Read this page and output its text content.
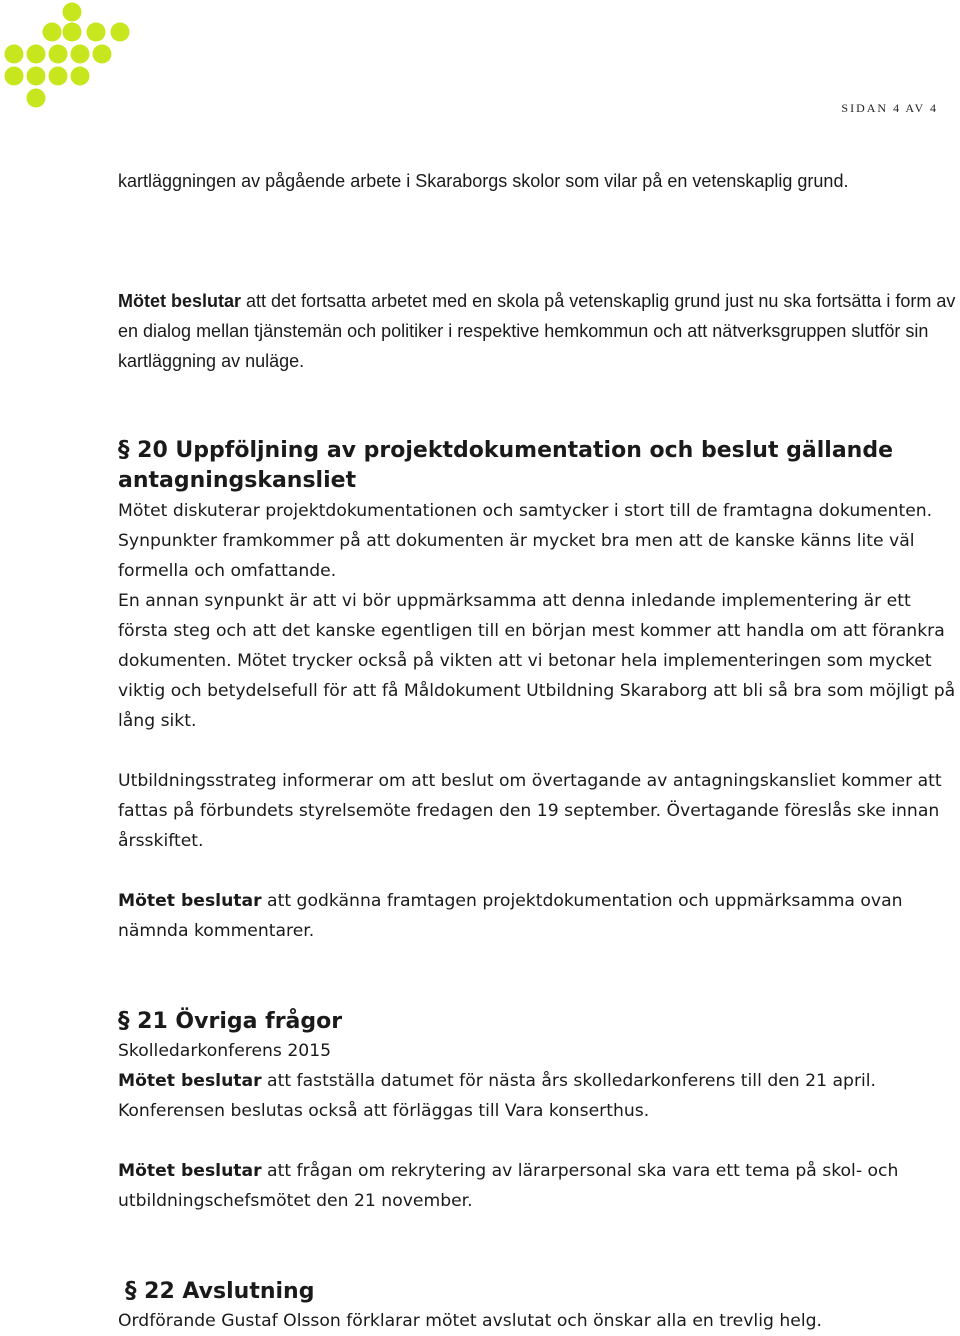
SIDAN 4 AV 4

kartläggningen av pågående arbete i Skaraborgs skolor som vilar på en vetenskaplig grund.

Mötet beslutar att det fortsatta arbetet med en skola på vetenskaplig grund just nu ska fortsätta i form av en dialog mellan tjänstemän och politiker i respektive hemkommun och att nätverksgruppen slutför sin kartläggning av nuläge.

§ 20 Uppföljning av projektdokumentation och beslut gällande antagningskansliet

Mötet diskuterar projektdokumentationen och samtycker i stort till de framtagna dokumenten. Synpunkter framkommer på att dokumenten är mycket bra men att de kanske känns lite väl formella och omfattande.

En annan synpunkt är att vi bör uppmärksamma att denna inledande implementering är ett första steg och att det kanske egentligen till en början mest kommer att handla om att förankra dokumenten. Mötet trycker också på vikten att vi betonar hela implementeringen som mycket viktig och betydelsefull för att få Måldokument Utbildning Skaraborg att bli så bra som möjligt på lång sikt.

Utbildningsstrateg informerar om att beslut om övertagande av antagningskansliet kommer att fattas på förbundets styrelsemöte fredagen den 19 september. Övertagande föreslås ske innan årsskiftet.

Mötet beslutar att godkänna framtagen projektdokumentation och uppmärksamma ovan nämnda kommentarer.

§ 21 Övriga frågor

Skolledarkonferens 2015

Mötet beslutar att fastställa datumet för nästa års skolledarkonferens till den 21 april. Konferensen beslutas också att förläggas till Vara konserthus.

Mötet beslutar att frågan om rekrytering av lärarpersonal ska vara ett tema på skol- och utbildningschefsmötet den 21 november.

§ 22 Avslutning

Ordförande Gustaf Olsson förklarar mötet avslutat och önskar alla en trevlig helg.
